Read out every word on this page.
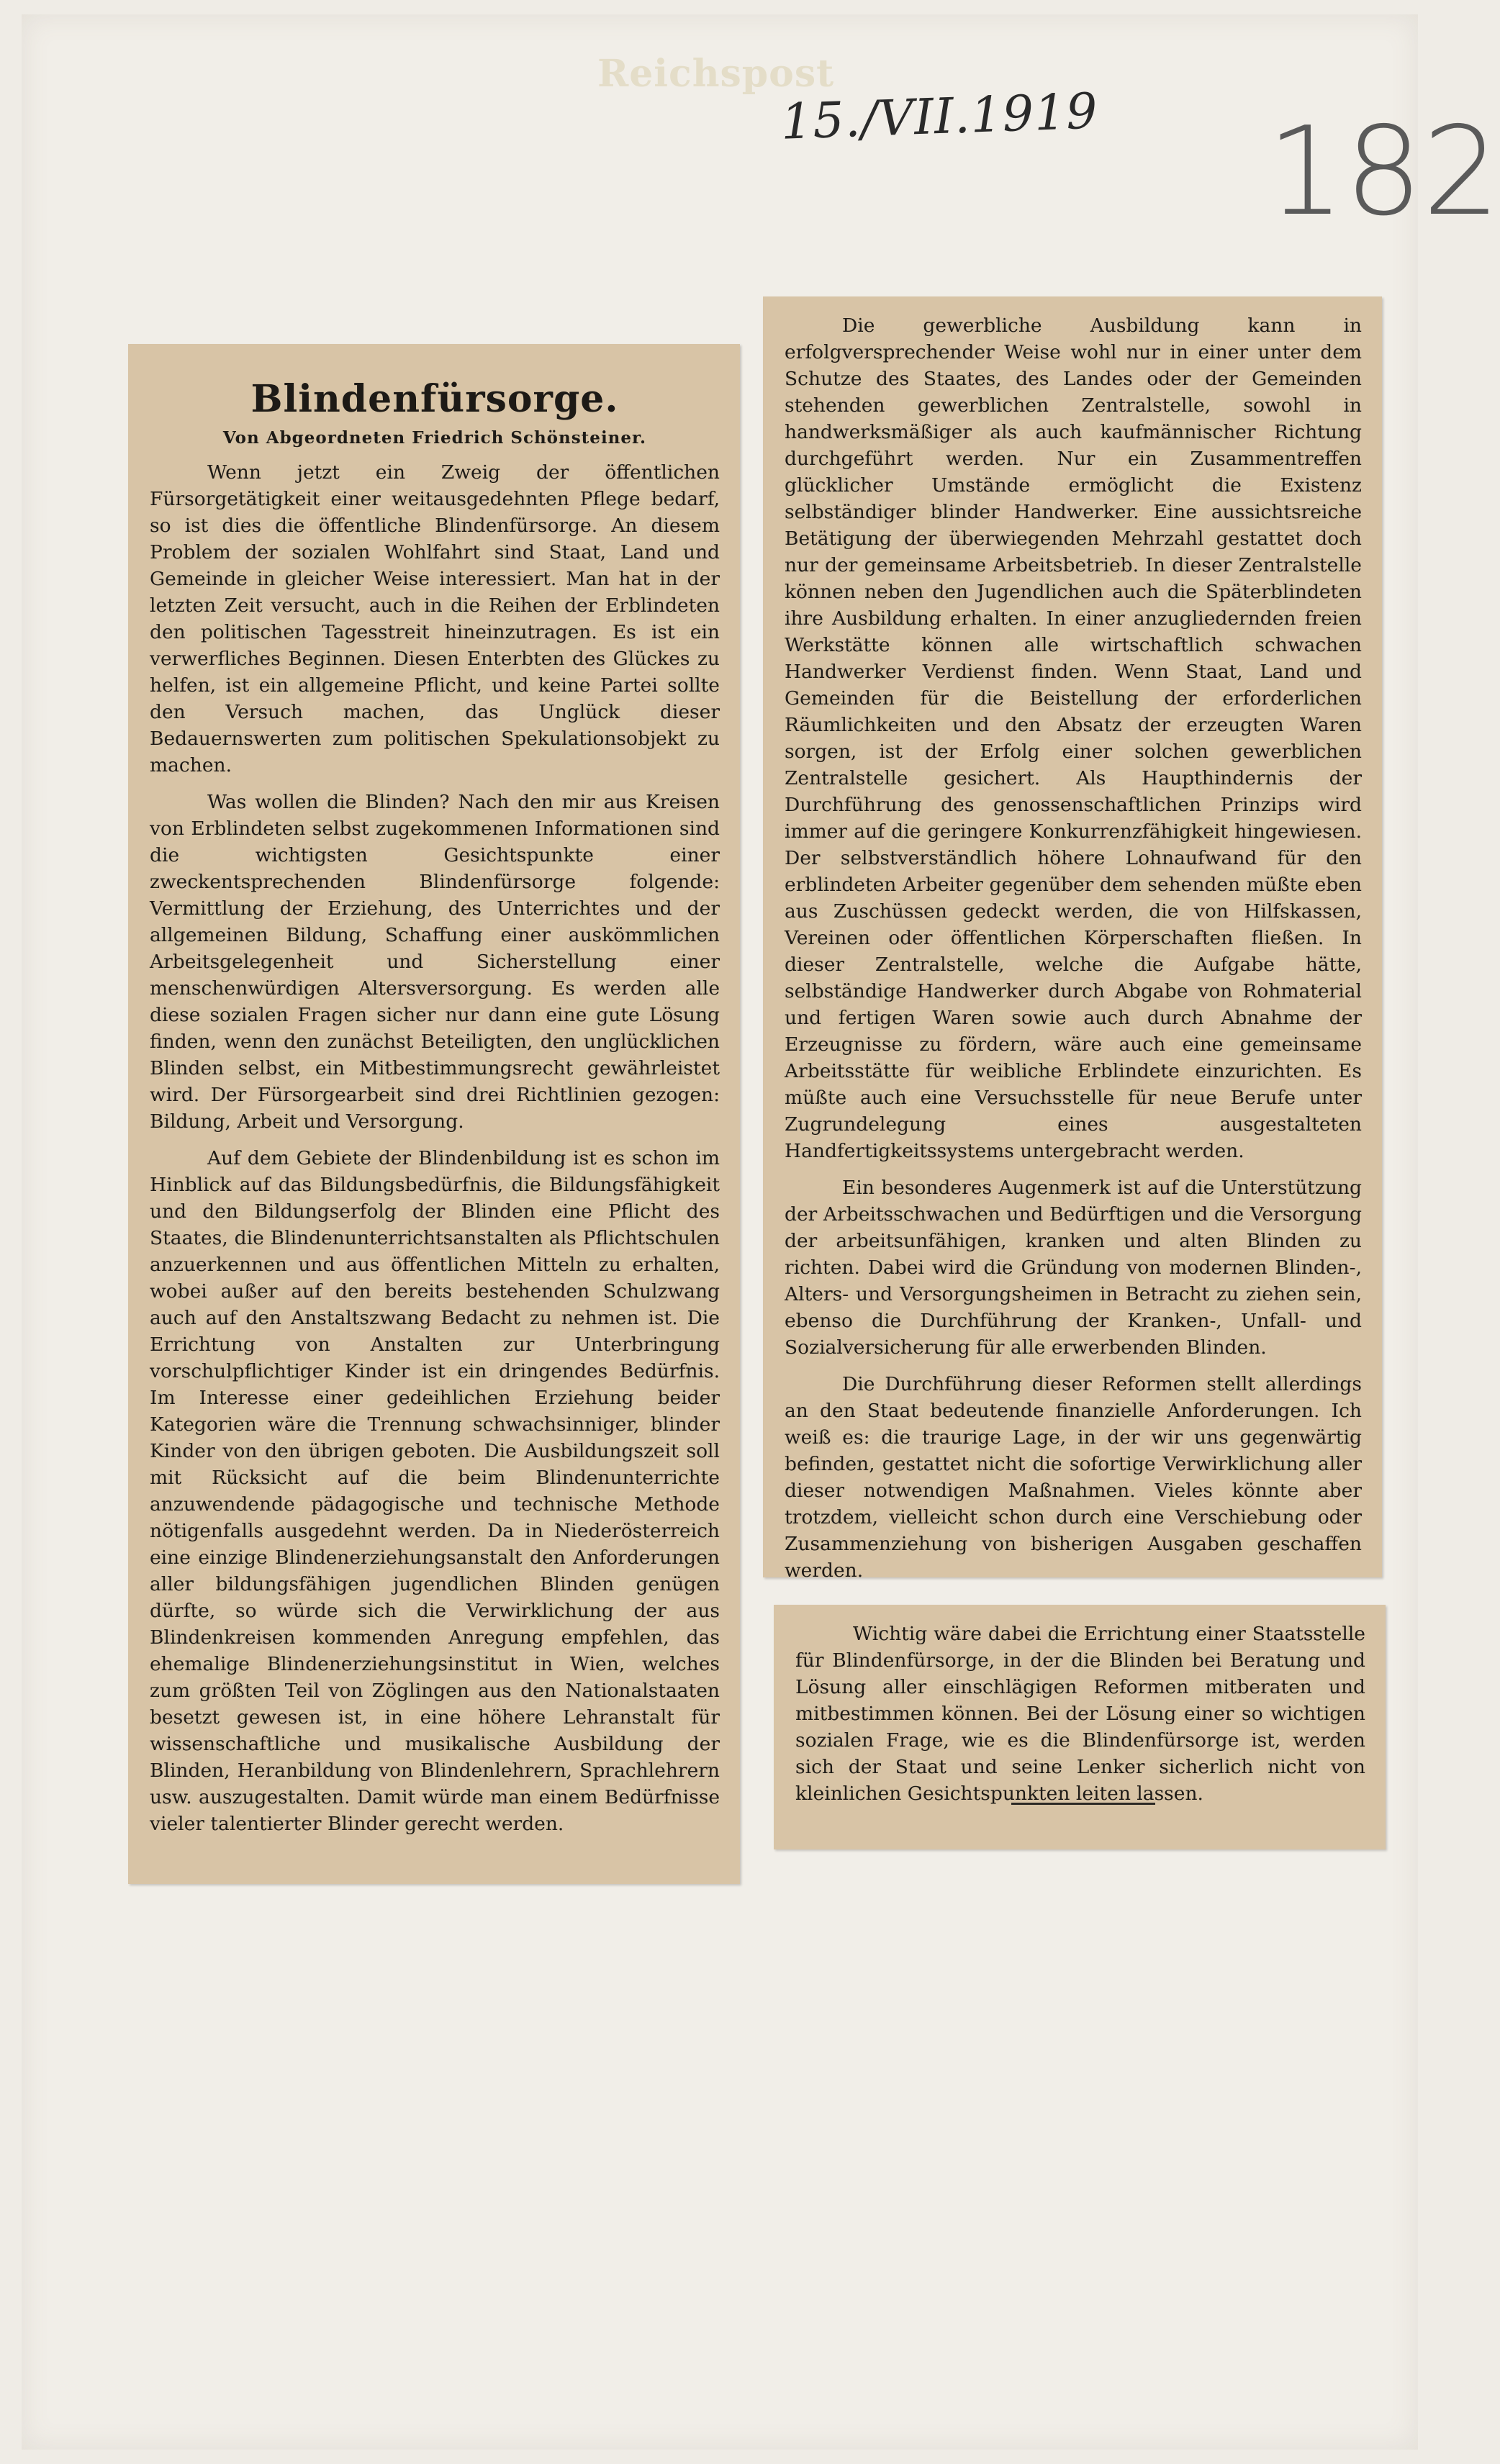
Reichspost
15./VII.1919 182
Blindenfürsorge.
Von Abgeordneten Friedrich Schönsteiner.

Wenn jetzt ein Zweig der öffentlichen Fürsorgetätigkeit einer weitausgedehnten Pflege bedarf, so ist dies die öffentliche Blindenfürsorge. An diesem Problem der sozialen Wohlfahrt sind Staat, Land und Gemeinde in gleicher Weise interessiert. Man hat in der letzten Zeit versucht, auch in die Reihen der Erblindeten den politischen Tagesstreit hineinzutragen. Es ist ein verwerfliches Beginnen. Diesen Enterbten des Glückes zu helfen, ist ein allgemeine Pflicht, und keine Partei sollte den Versuch machen, das Unglück dieser Bedauernswerten zum politischen Spekulationsobjekt zu machen.

Was wollen die Blinden? Nach den mir aus Kreisen von Erblindeten selbst zugekommenen Informationen sind die wichtigsten Gesichtspunkte einer zweckentsprechenden Blindenfürsorge folgende: Vermittlung der Erziehung, des Unterrichtes und der allgemeinen Bildung, Schaffung einer auskömmlichen Arbeitsgelegenheit und Sicherstellung einer menschenwürdigen Altersversorgung. Es werden alle diese sozialen Fragen sicher nur dann eine gute Lösung finden, wenn den zunächst Beteiligten, den unglücklichen Blinden selbst, ein Mitbestimmungsrecht gewährleistet wird. Der Fürsorgearbeit sind drei Richtlinien gezogen: Bildung, Arbeit und Versorgung.

Auf dem Gebiete der Blindenbildung ist es schon im Hinblick auf das Bildungsbedürfnis, die Bildungsfähigkeit und den Bildungserfolg der Blinden eine Pflicht des Staates, die Blindenunterrichtsanstalten als Pflichtschulen anzuerkennen und aus öffentlichen Mitteln zu erhalten, wobei außer auf den bereits bestehenden Schulzwang auch auf den Anstaltszwang Bedacht zu nehmen ist. Die Errichtung von Anstalten zur Unterbringung vorschulpflichtiger Kinder ist ein dringendes Bedürfnis. Im Interesse einer gedeihlichen Erziehung beider Kategorien wäre die Trennung schwachsinniger, blinder Kinder von den übrigen geboten. Die Ausbildungszeit soll mit Rücksicht auf die beim Blindenunterrichte anzuwendende pädagogische und technische Methode nötigenfalls ausgedehnt werden. Da in Niederösterreich eine einzige Blindenerziehungsanstalt den Anforderungen aller bildungsfähigen jugendlichen Blinden genügen dürfte, so würde sich die Verwirklichung der aus Blindenkreisen kommenden Anregung empfehlen, das ehemalige Blindenerziehungsinstitut in Wien, welches zum größten Teil von Zöglingen aus den Nationalstaaten besetzt gewesen ist, in eine höhere Lehranstalt für wissenschaftliche und musikalische Ausbildung der Blinden, Heranbildung von Blindenlehrern, Sprachlehrern usw. auszugestalten. Damit würde man einem Bedürfnisse vieler talentierter Blinder gerecht werden.

Die gewerbliche Ausbildung kann in erfolgversprechender Weise wohl nur in einer unter dem Schutze des Staates, des Landes oder der Gemeinden stehenden gewerblichen Zentralstelle, sowohl in handwerksmäßiger als auch kaufmännischer Richtung durchgeführt werden. Nur ein Zusammentreffen glücklicher Umstände ermöglicht die Existenz selbständiger blinder Handwerker. Eine aussichtsreiche Betätigung der überwiegenden Mehrzahl gestattet doch nur der gemeinsame Arbeitsbetrieb. In dieser Zentralstelle können neben den Jugendlichen auch die Späterblindeten ihre Ausbildung erhalten. In einer anzugliedernden freien Werkstätte können alle wirtschaftlich schwachen Handwerker Verdienst finden. Wenn Staat, Land und Gemeinden für die Beistellung der erforderlichen Räumlichkeiten und den Absatz der erzeugten Waren sorgen, ist der Erfolg einer solchen gewerblichen Zentralstelle gesichert. Als Haupthindernis der Durchführung des genossenschaftlichen Prinzips wird immer auf die geringere Konkurrenzfähigkeit hingewiesen. Der selbstverständlich höhere Lohnaufwand für den erblindeten Arbeiter gegenüber dem sehenden müßte eben aus Zuschüssen gedeckt werden, die von Hilfskassen, Vereinen oder öffentlichen Körperschaften fließen. In dieser Zentralstelle, welche die Aufgabe hätte, selbständige Handwerker durch Abgabe von Rohmaterial und fertigen Waren sowie auch durch Abnahme der Erzeugnisse zu fördern, wäre auch eine gemeinsame Arbeitsstätte für weibliche Erblindete einzurichten. Es müßte auch eine Versuchsstelle für neue Berufe unter Zugrundelegung eines ausgestalteten Handfertigkeitssystems untergebracht werden.

Ein besonderes Augenmerk ist auf die Unterstützung der Arbeitsschwachen und Bedürftigen und die Versorgung der arbeitsunfähigen, kranken und alten Blinden zu richten. Dabei wird die Gründung von modernen Blinden-, Alters- und Versorgungsheimen in Betracht zu ziehen sein, ebenso die Durchführung der Kranken-, Unfall- und Sozialversicherung für alle erwerbenden Blinden.

Die Durchführung dieser Reformen stellt allerdings an den Staat bedeutende finanzielle Anforderungen. Ich weiß es: die traurige Lage, in der wir uns gegenwärtig befinden, gestattet nicht die sofortige Verwirklichung aller dieser notwendigen Maßnahmen. Vieles könnte aber trotzdem, vielleicht schon durch eine Verschiebung oder Zusammenziehung von bisherigen Ausgaben geschaffen werden.

Wichtig wäre dabei die Errichtung einer Staatsstelle für Blindenfürsorge, in der die Blinden bei Beratung und Lösung aller einschlägigen Reformen mitberaten und mitbestimmen können. Bei der Lösung einer so wichtigen sozialen Frage, wie es die Blindenfürsorge ist, werden sich der Staat und seine Lenker sicherlich nicht von kleinlichen Gesichtspunkten leiten lassen.
